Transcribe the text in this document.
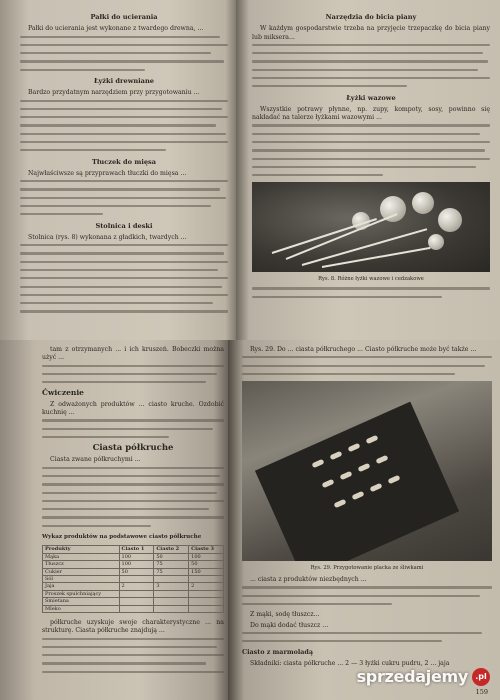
Pałki do ucierania

Pałki do ucierania jest wykonane z twardego drewna, ...

Łyżki drewniane

Bardzo przydatnym narzędziem przy przygotowaniu ...

Tłuczek do mięsa

Najwłaściwsze są przyprawach tłuczki do mięsa ...

Stolnica i deski

Stolnica (rys. 8) wykonana z gładkich, twardych ...

Narzędzia do bicia piany

W każdym gospodarstwie trzeba na przyjęcie trzepaczkę do bicia piany lub miksera...

Łyżki wazowe

Wszystkie potrawy płynne, np. zupy, kompoty, sosy, powinno się nakładać na talerze łyżkami wazowymi ...

Rys. 8. Różne łyżki wazowe i cedzakowe

tam z otrzymanych ... i ich kruszeń. Bobeczki można użyć ...

Ćwiczenie

Z odważonych produktów ... ciasto kruche. Ozdobić kuchnię ...

Ciasta półkruche

Ciasta zwane półkruchymi ...

Wykaz produktów na podstawowe ciasto półkruche
Produkty	Ciasto 1	Ciasto 2	Ciasto 3
Mąka	100	50	100
Tłuszcz	100	75	50
Cukier	50	75	150
Sól			
Jaja	2	3	2
Proszek spulchniający			
Śmietana			
Mleko			

półkruche uzyskuje swoje charakterystyczne ... na strukturę. Ciasta półkruche znajdują ...

Rys. 29. Do ... ciasta półkruchego ... Ciasto półkruche może być także ...

Rys. 29. Przygotowanie placka ze śliwkami

... ciasta z produktów niezbędnych ...

Z mąki, sodę tłuszcz...

Do mąki dodać tłuszcz ...

Ciasto z marmoladą

Składniki: ciasta półkruche ... 2 — 3 łyżki cukru pudru, 2 ... jaja

159
sprzedajemy .pl
